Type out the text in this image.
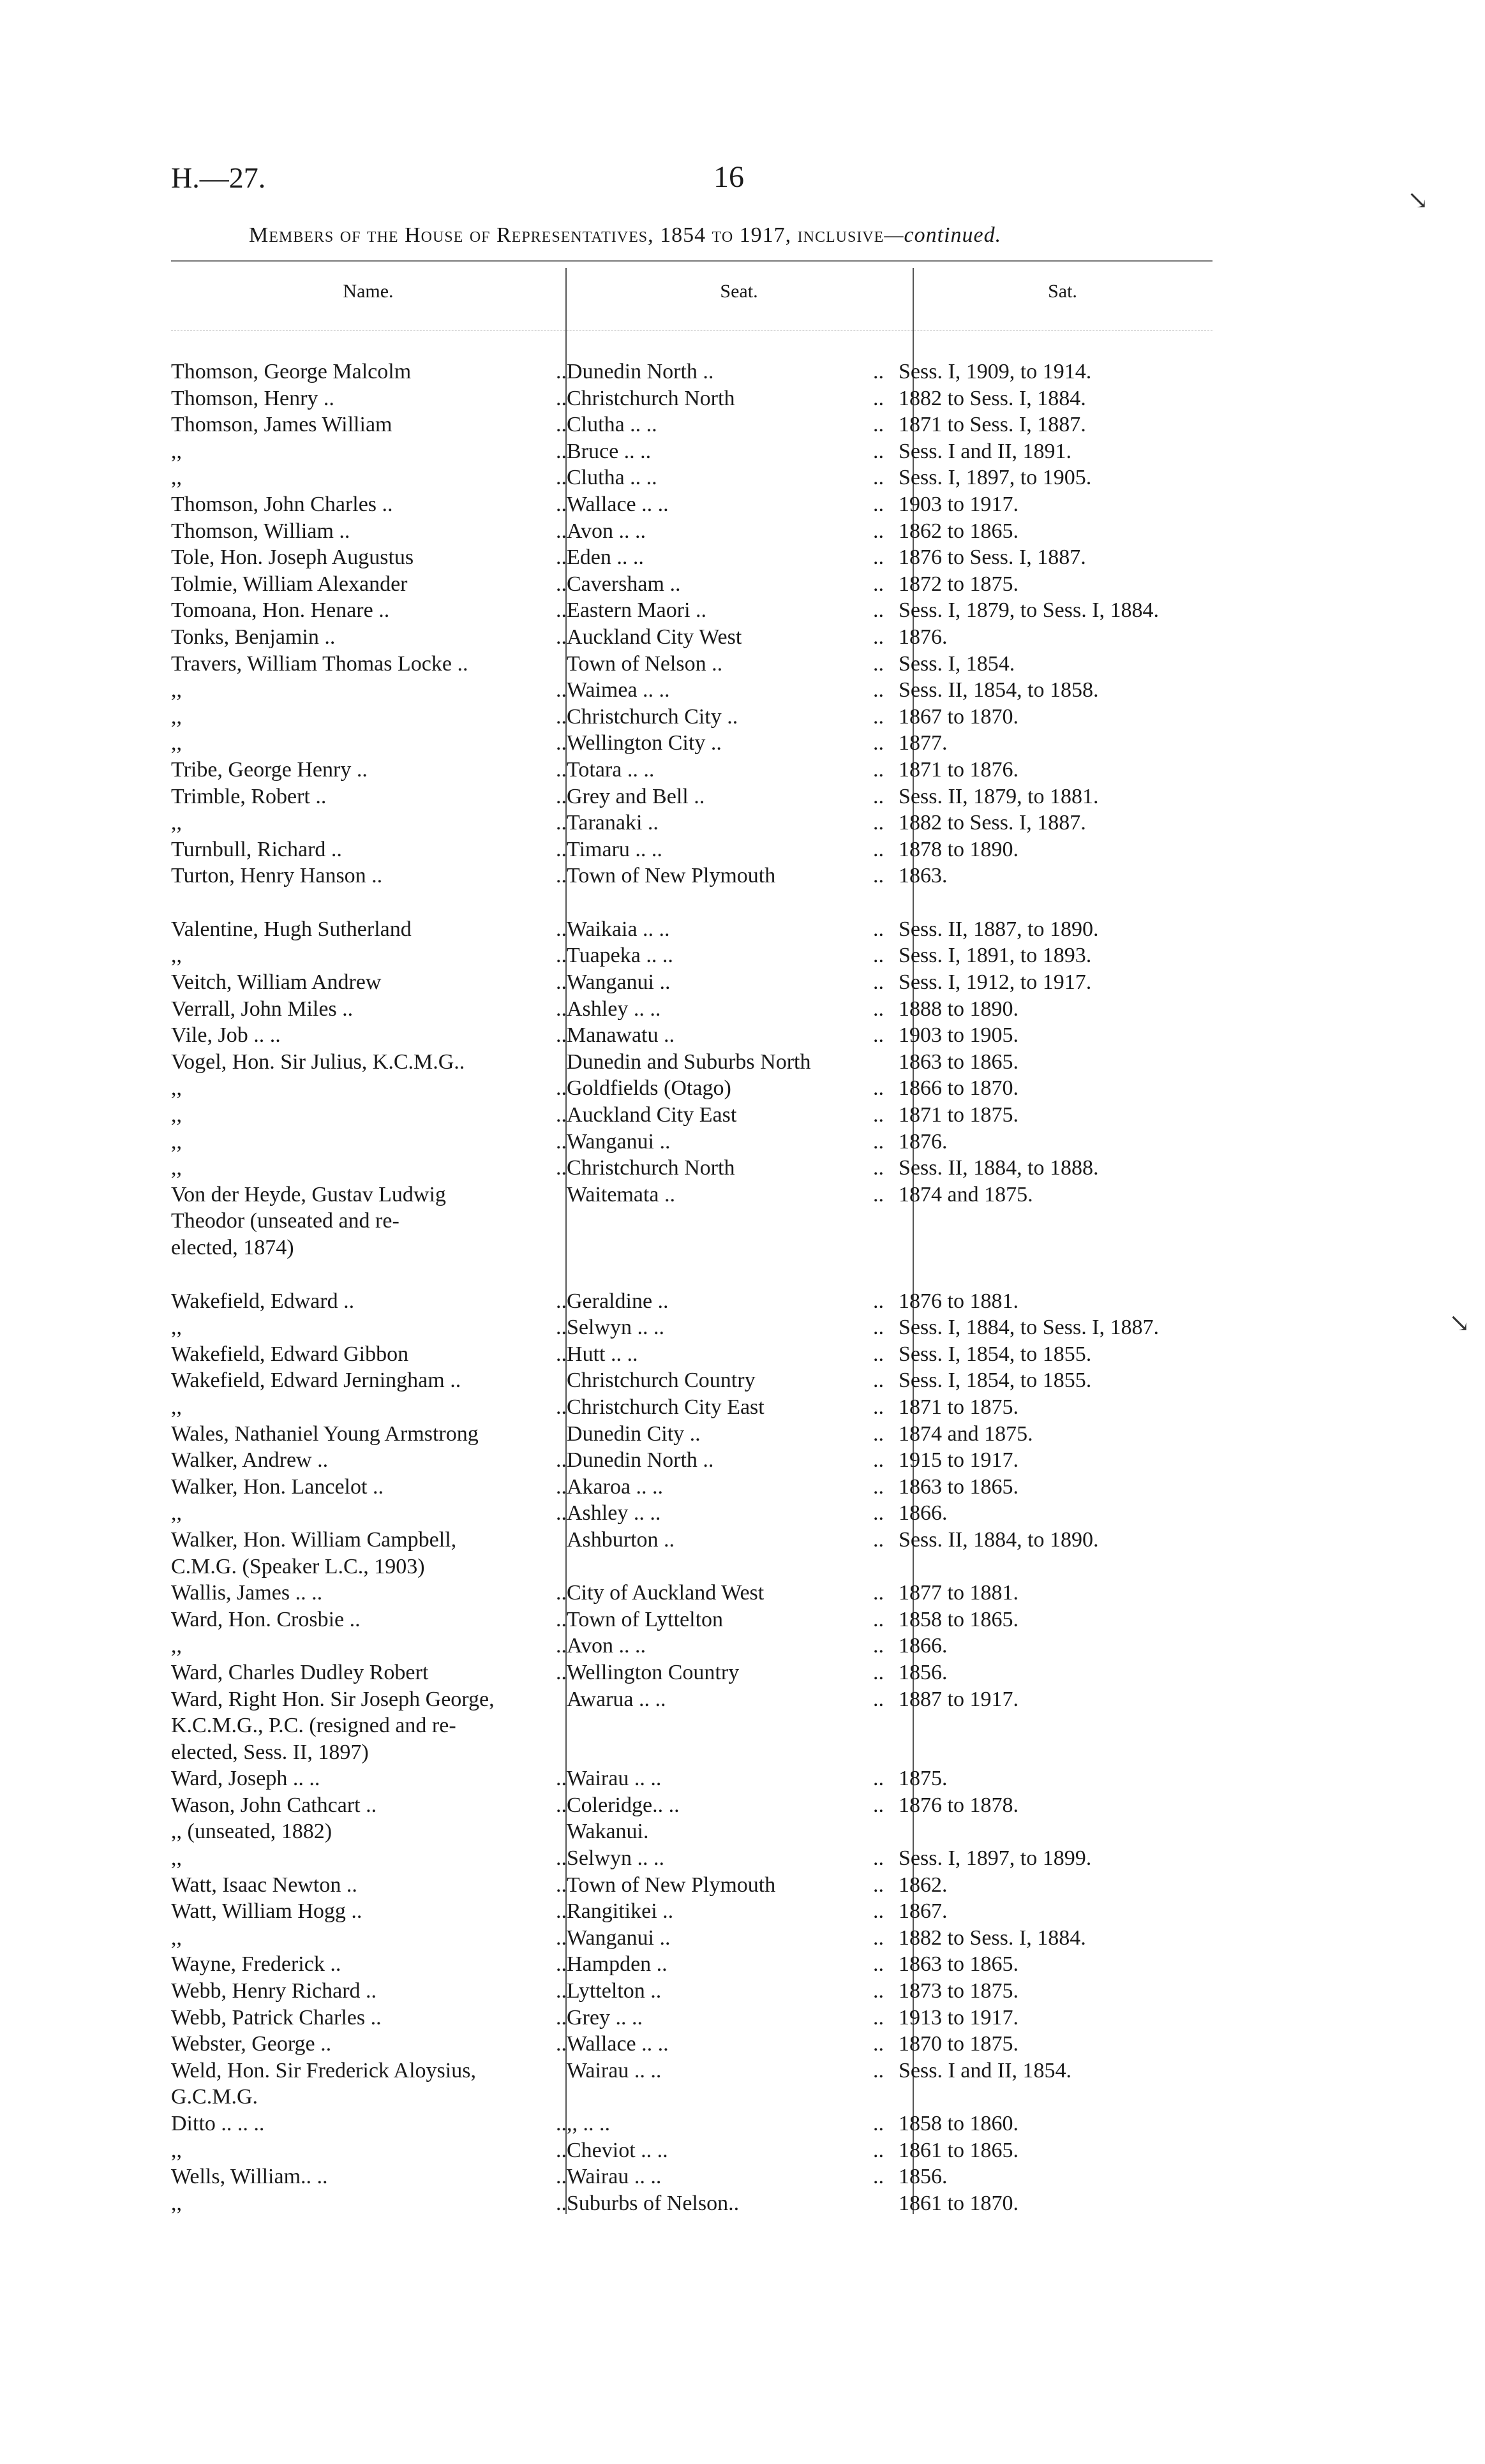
H.—27.	16
Members of the House of Representatives, 1854 to 1917, inclusive—continued.
Name.	Seat.	Sat.
Thomson, George Malcolm	..	Dunedin North ..	..	Sess. I, 1909, to 1914.
Thomson, Henry ..	..	Christchurch North	..	1882 to Sess. I, 1884.
Thomson, James William	..	Clutha .. ..	..	1871 to Sess. I, 1887.
,,	..	Bruce .. ..	..	Sess. I and II, 1891.
,,	..	Clutha .. ..	..	Sess. I, 1897, to 1905.
Thomson, John Charles ..	..	Wallace .. ..	..	1903 to 1917.
Thomson, William ..	..	Avon .. ..	..	1862 to 1865.
Tole, Hon. Joseph Augustus	..	Eden .. ..	..	1876 to Sess. I, 1887.
Tolmie, William Alexander	..	Caversham ..	..	1872 to 1875.
Tomoana, Hon. Henare ..	..	Eastern Maori ..	..	Sess. I, 1879, to Sess. I, 1884.
Tonks, Benjamin ..	..	Auckland City West	..	1876.
Travers, William Thomas Locke ..		Town of Nelson ..	..	Sess. I, 1854.
,,	..	Waimea .. ..	..	Sess. II, 1854, to 1858.
,,	..	Christchurch City ..	..	1867 to 1870.
,,	..	Wellington City ..	..	1877.
Tribe, George Henry ..	..	Totara .. ..	..	1871 to 1876.
Trimble, Robert ..	..	Grey and Bell ..	..	Sess. II, 1879, to 1881.
,,	..	Taranaki ..	..	1882 to Sess. I, 1887.
Turnbull, Richard ..	..	Timaru .. ..	..	1878 to 1890.
Turton, Henry Hanson ..	..	Town of New Plymouth	..	1863.

Valentine, Hugh Sutherland	..	Waikaia .. ..	..	Sess. II, 1887, to 1890.
,,	..	Tuapeka .. ..	..	Sess. I, 1891, to 1893.
Veitch, William Andrew	..	Wanganui ..	..	Sess. I, 1912, to 1917.
Verrall, John Miles ..	..	Ashley .. ..	..	1888 to 1890.
Vile, Job .. ..	..	Manawatu ..	..	1903 to 1905.
Vogel, Hon. Sir Julius, K.C.M.G..		Dunedin and Suburbs North		1863 to 1865.
,,	..	Goldfields (Otago)	..	1866 to 1870.
,,	..	Auckland City East	..	1871 to 1875.
,,	..	Wanganui ..	..	1876.
,,	..	Christchurch North	..	Sess. II, 1884, to 1888.
Von der Heyde, Gustav Ludwig
Theodor (unseated and re-
elected, 1874)		Waitemata ..	..	1874 and 1875.

Wakefield, Edward ..	..	Geraldine ..	..	1876 to 1881.
,,	..	Selwyn .. ..	..	Sess. I, 1884, to Sess. I, 1887.
Wakefield, Edward Gibbon	..	Hutt .. ..	..	Sess. I, 1854, to 1855.
Wakefield, Edward Jerningham ..		Christchurch Country	..	Sess. I, 1854, to 1855.
,,	..	Christchurch City East	..	1871 to 1875.
Wales, Nathaniel Young Armstrong		Dunedin City ..	..	1874 and 1875.
Walker, Andrew ..	..	Dunedin North ..	..	1915 to 1917.
Walker, Hon. Lancelot ..	..	Akaroa .. ..	..	1863 to 1865.
,,	..	Ashley .. ..	..	1866.
Walker, Hon. William Campbell,
C.M.G. (Speaker L.C., 1903)		Ashburton ..	..	Sess. II, 1884, to 1890.
Wallis, James .. ..	..	City of Auckland West	..	1877 to 1881.
Ward, Hon. Crosbie ..	..	Town of Lyttelton	..	1858 to 1865.
,,	..	Avon .. ..	..	1866.
Ward, Charles Dudley Robert	..	Wellington Country	..	1856.
Ward, Right Hon. Sir Joseph George,
K.C.M.G., P.C. (resigned and re-
elected, Sess. II, 1897)		Awarua .. ..	..	1887 to 1917.
Ward, Joseph .. ..	..	Wairau .. ..	..	1875.
Wason, John Cathcart ..	..	Coleridge.. ..	..	1876 to 1878.
,, (unseated, 1882)		Wakanui.		
,,	..	Selwyn .. ..	..	Sess. I, 1897, to 1899.
Watt, Isaac Newton ..	..	Town of New Plymouth	..	1862.
Watt, William Hogg ..	..	Rangitikei ..	..	1867.
,,	..	Wanganui ..	..	1882 to Sess. I, 1884.
Wayne, Frederick ..	..	Hampden ..	..	1863 to 1865.
Webb, Henry Richard ..	..	Lyttelton ..	..	1873 to 1875.
Webb, Patrick Charles ..	..	Grey .. ..	..	1913 to 1917.
Webster, George ..	..	Wallace .. ..	..	1870 to 1875.
Weld, Hon. Sir Frederick Aloysius,
G.C.M.G.		Wairau .. ..	..	Sess. I and II, 1854.
Ditto .. .. ..	..	,, .. ..	..	1858 to 1860.
,,	..	Cheviot .. ..	..	1861 to 1865.
Wells, William.. ..	..	Wairau .. ..	..	1856.
,,	..	Suburbs of Nelson..		1861 to 1870.
↘
↘
